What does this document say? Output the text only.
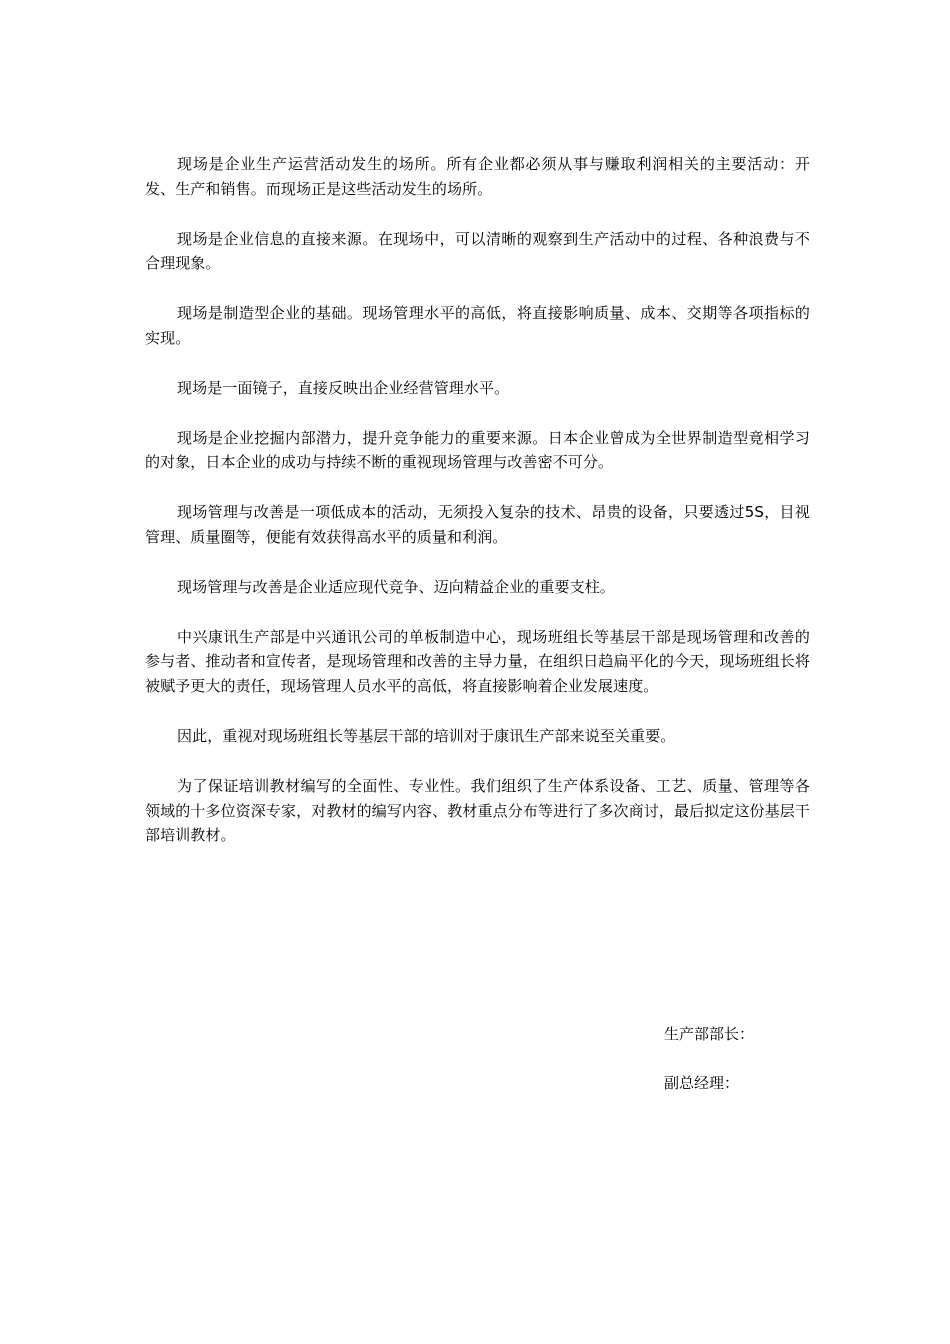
现场是企业生产运营活动发生的场所。所有企业都必须从事与赚取利润相关的主要活动：开发、生产和销售。而现场正是这些活动发生的场所。

现场是企业信息的直接来源。在现场中，可以清晰的观察到生产活动中的过程、各种浪费与不合理现象。

现场是制造型企业的基础。现场管理水平的高低，将直接影响质量、成本、交期等各项指标的实现。

现场是一面镜子，直接反映出企业经营管理水平。

现场是企业挖掘内部潜力，提升竞争能力的重要来源。日本企业曾成为全世界制造型竟相学习的对象，日本企业的成功与持续不断的重视现场管理与改善密不可分。

现场管理与改善是一项低成本的活动，无须投入复杂的技术、昂贵的设备，只要透过5S，目视管理、质量圈等，便能有效获得高水平的质量和利润。

现场管理与改善是企业适应现代竞争、迈向精益企业的重要支柱。

中兴康讯生产部是中兴通讯公司的单板制造中心，现场班组长等基层干部是现场管理和改善的参与者、推动者和宣传者，是现场管理和改善的主导力量，在组织日趋扁平化的今天，现场班组长将被赋予更大的责任，现场管理人员水平的高低，将直接影响着企业发展速度。

因此，重视对现场班组长等基层干部的培训对于康讯生产部来说至关重要。

为了保证培训教材编写的全面性、专业性。我们组织了生产体系设备、工艺、质量、管理等各领域的十多位资深专家，对教材的编写内容、教材重点分布等进行了多次商讨，最后拟定这份基层干部培训教材。

生产部部长：
副总经理：
